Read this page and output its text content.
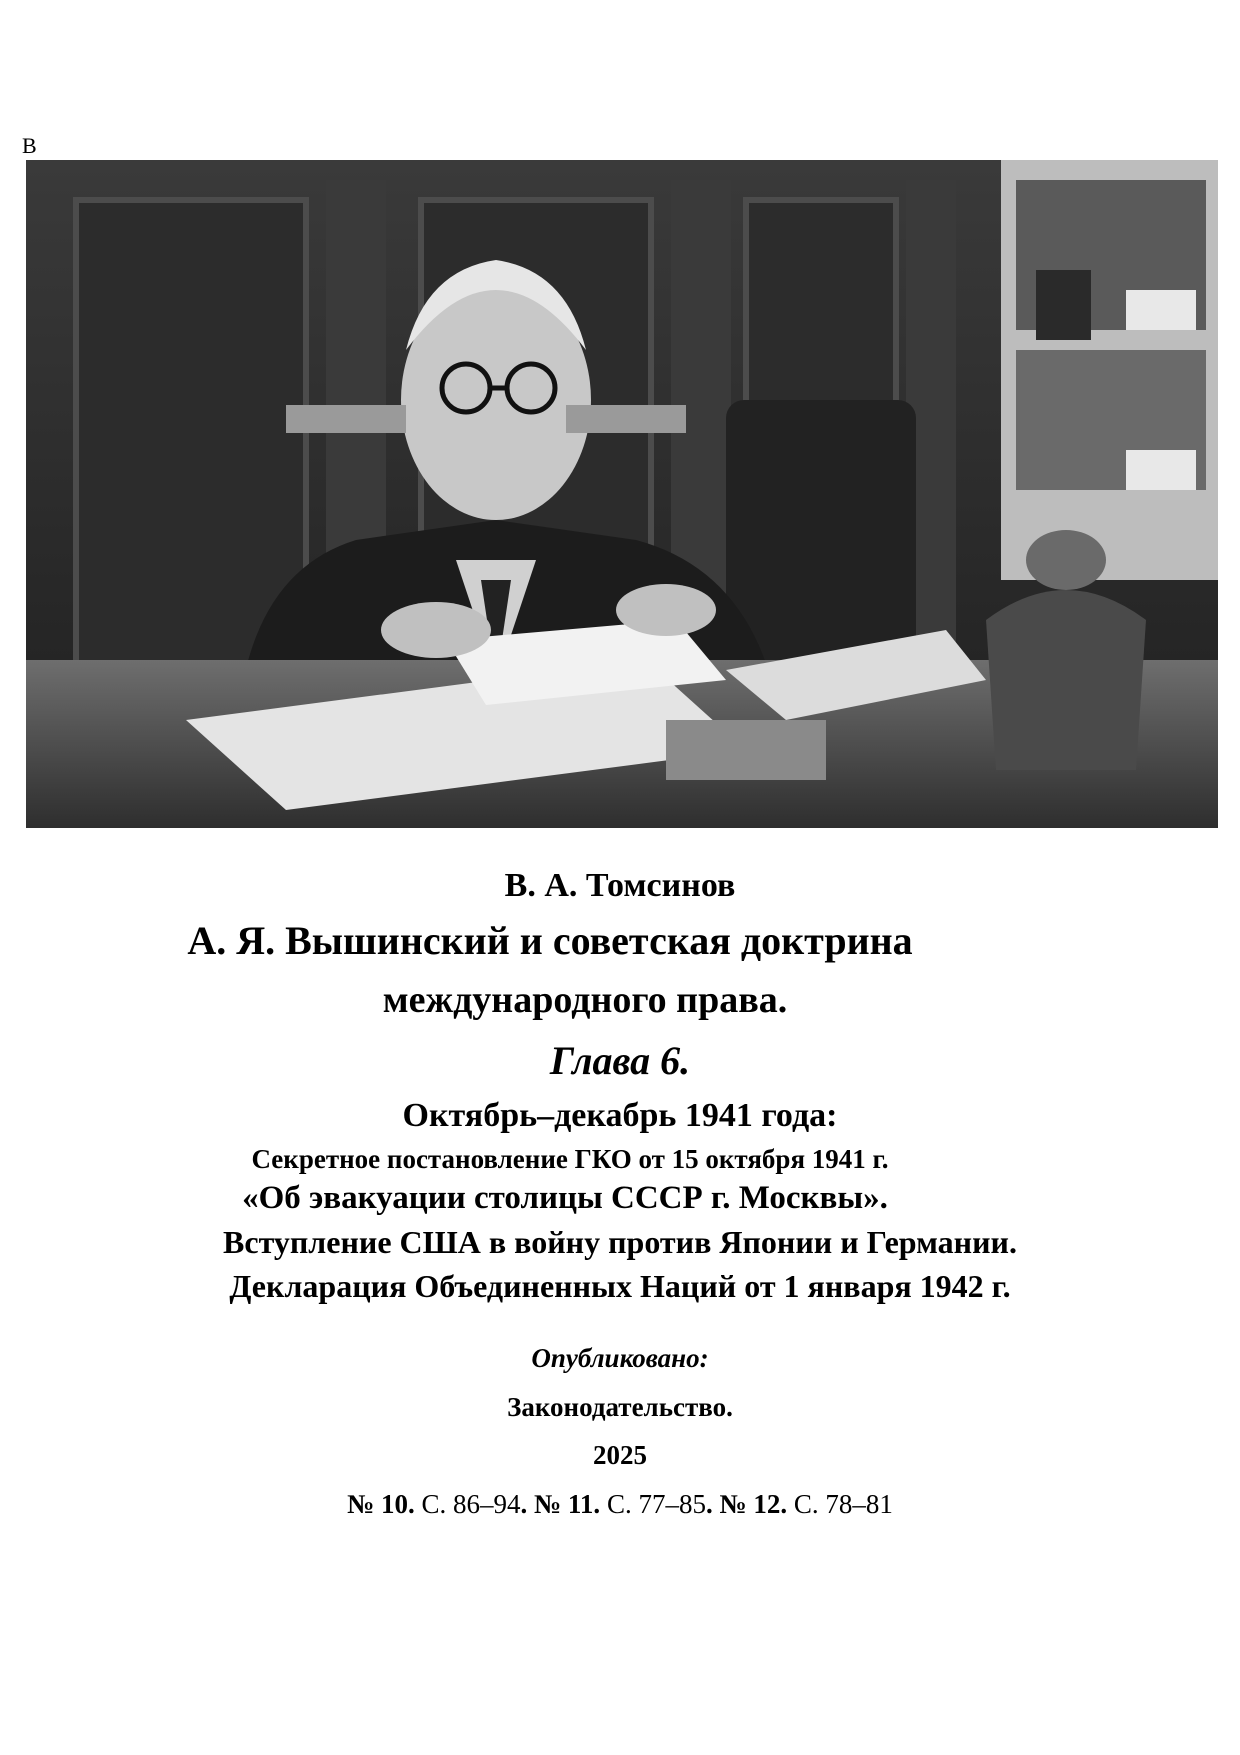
В
В. А. Томсинов
А. Я. Вышинский и советская доктрина
международного права.
Глава 6.
Октябрь–декабрь 1941 года:
Секретное постановление ГКО от 15 октября 1941 г.
«Об эвакуации столицы СССР г. Москвы».
Вступление США в войну против Японии и Германии.
Декларация Объединенных Наций от 1 января 1942 г.
Опубликовано:
Законодательство.
2025
№ 10. С. 86–94. № 11. С. 77–85. № 12. С. 78–81
